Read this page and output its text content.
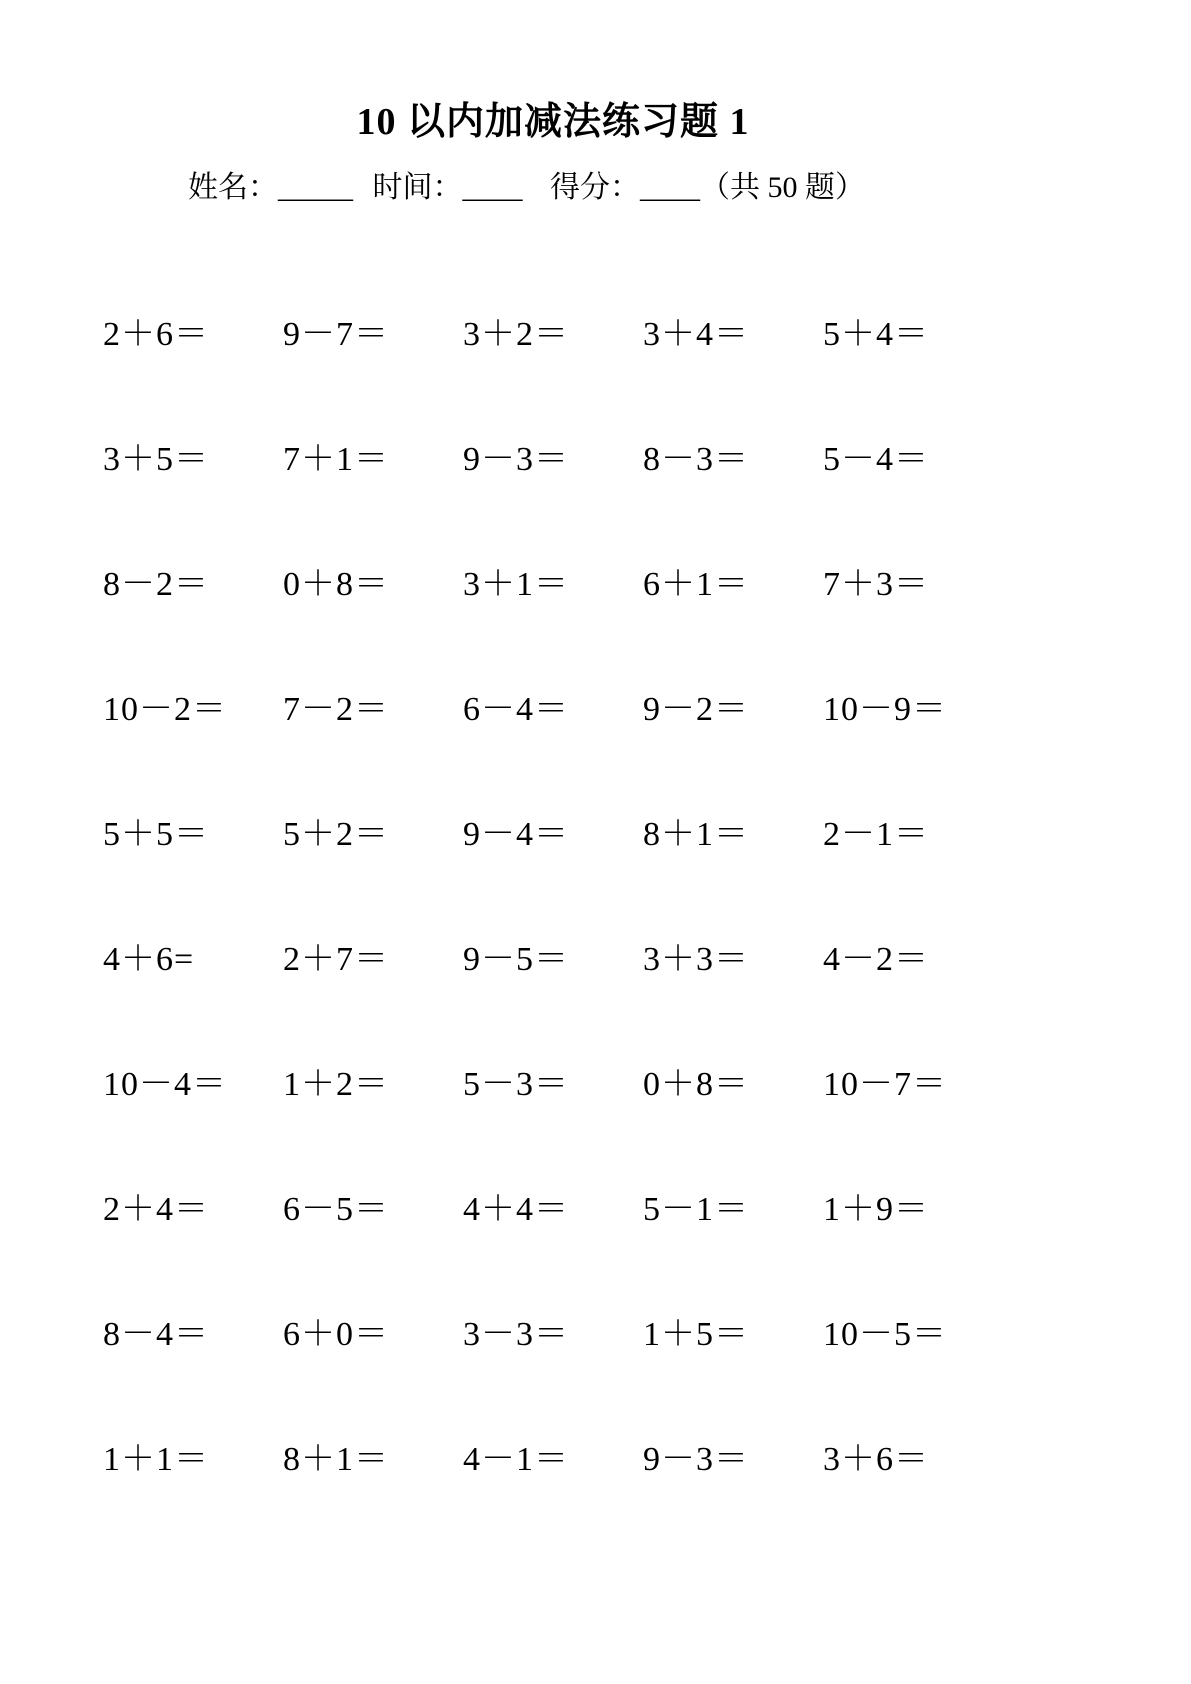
10 以内加减法练习题 1
姓名：_____ 时间：____ 得分：____（共 50 题）
2＋6＝	9－7＝	3＋2＝	3＋4＝	5＋4＝
3＋5＝	7＋1＝	9－3＝	8－3＝	5－4＝
8－2＝	0＋8＝	3＋1＝	6＋1＝	7＋3＝
10－2＝	7－2＝	6－4＝	9－2＝	10－9＝
5＋5＝	5＋2＝	9－4＝	8＋1＝	2－1＝
4＋6=	2＋7＝	9－5＝	3＋3＝	4－2＝
10－4＝	1＋2＝	5－3＝	0＋8＝	10－7＝
2＋4＝	6－5＝	4＋4＝	5－1＝	1＋9＝
8－4＝	6＋0＝	3－3＝	1＋5＝	10－5＝
1＋1＝	8＋1＝	4－1＝	9－3＝	3＋6＝
